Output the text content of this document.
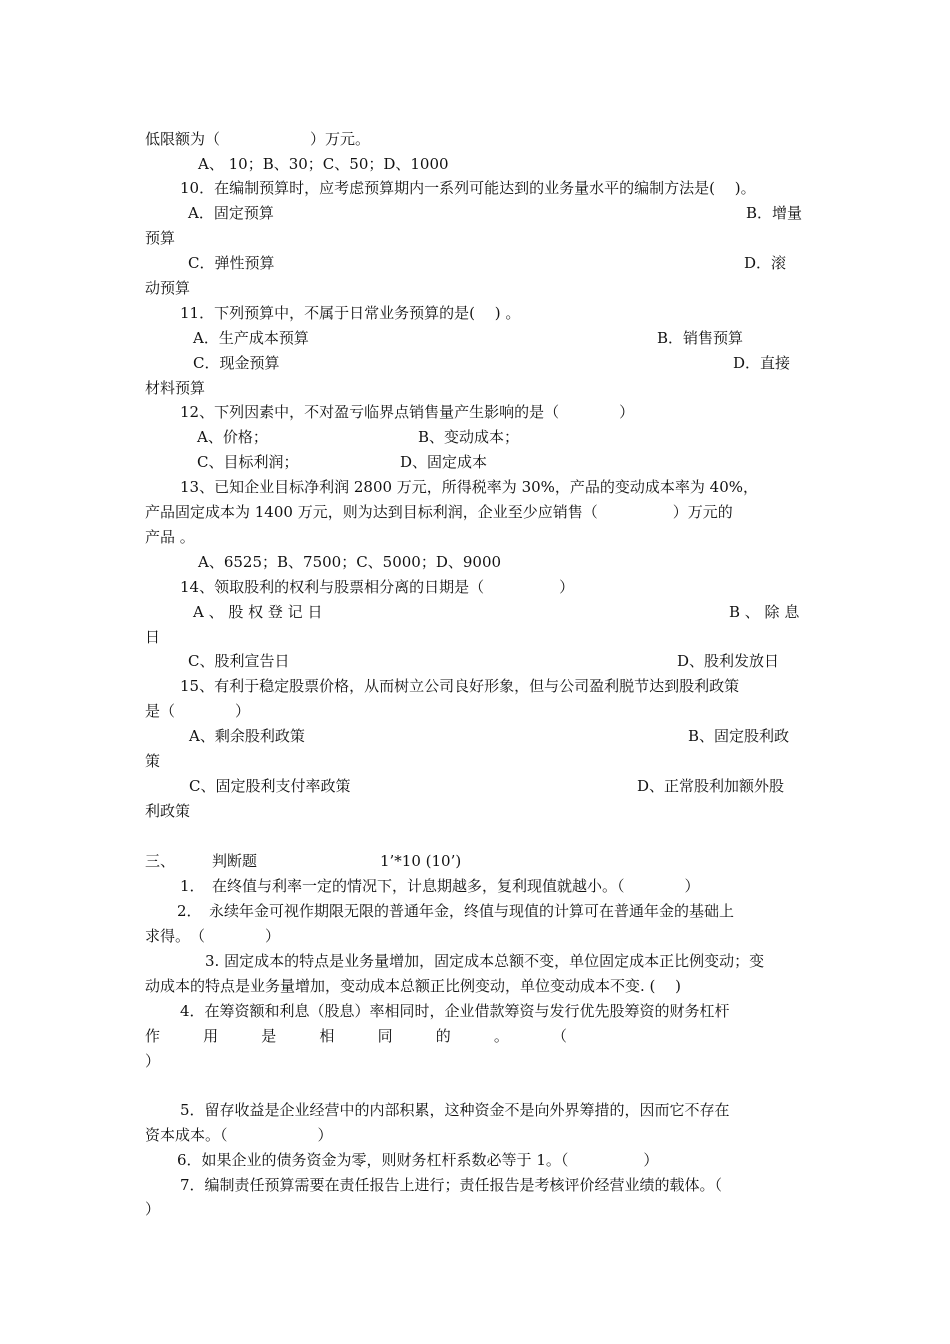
低限额为（　　　　　　）万元。
A、 10；B、30；C、50；D、1000
10．在编制预算时，应考虑预算期内一系列可能达到的业务量水平的编制方法是(　 )。
A．固定预算	B．增量
预算
C．弹性预算	D．滚
动预算
11．下列预算中，不属于日常业务预算的是(　 ) 。
A．生产成本预算	B．销售预算
C．现金预算	D．直接
材料预算
12、下列因素中，不对盈亏临界点销售量产生影响的是（　　　　）
A、价格；	B、变动成本；
C、目标利润；	D、固定成本
13、已知企业目标净利润 2800 万元，所得税率为 30%，产品的变动成本率为 40%，
产品固定成本为 1400 万元，则为达到目标利润，企业至少应销售（　　　　　）万元的
产品 。
A、6525；B、7500；C、5000；D、9000
14、领取股利的权利与股票相分离的日期是（　　　　　）
A 、 股 权 登 记 日	B 、 除 息
日
C、股利宣告日	D、股利发放日
15、有利于稳定股票价格，从而树立公司良好形象，但与公司盈利脱节达到股利政策
是（　　　　）
A、剩余股利政策	B、固定股利政
策
C、固定股利支付率政策	D、正常股利加额外股
利政策
三、 判断题	1’*10 (10’)
1．　在终值与利率一定的情况下，计息期越多，复利现值就越小。（　　　　）
2．　永续年金可视作期限无限的普通年金，终值与现值的计算可在普通年金的基础上
求得。　（　　　　）
3. 固定成本的特点是业务量增加，固定成本总额不变，单位固定成本正比例变动；变
动成本的特点是业务量增加，变动成本总额正比例变动，单位变动成本不变. ( 　)
4．在筹资额和利息（股息）率相同时，企业借款筹资与发行优先股筹资的财务杠杆
作 用 是 相 同 的 。 （
）
5．留存收益是企业经营中的内部积累，这种资金不是向外界筹措的，因而它不存在
资本成本。（　　　　　　）
6．如果企业的债务资金为零，则财务杠杆系数必等于 1。（　　　　　）
7．编制责任预算需要在责任报告上进行；责任报告是考核评价经营业绩的载体。（
）
